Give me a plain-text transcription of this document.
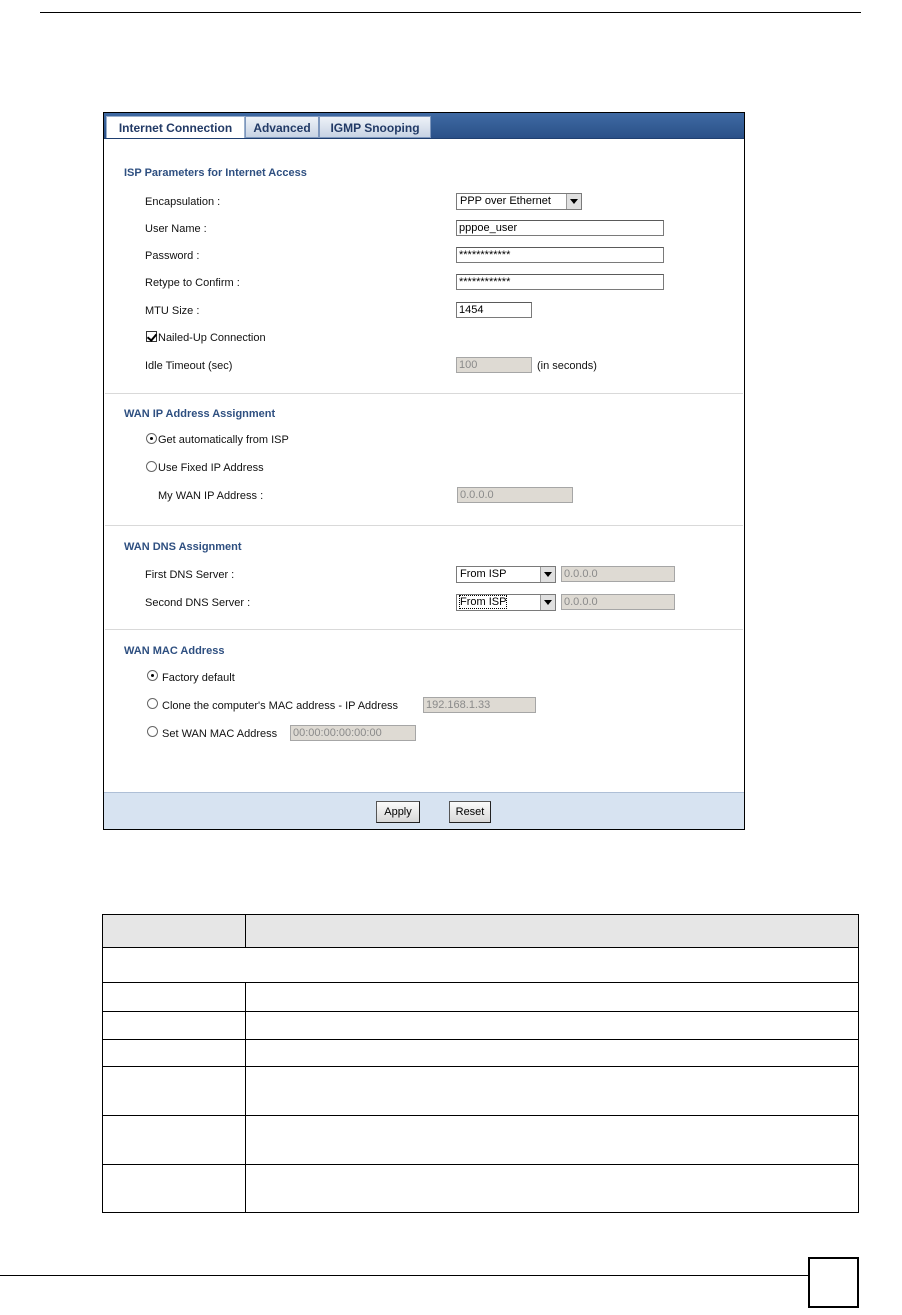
Internet Connection	Advanced	IGMP Snooping
ISP Parameters for Internet Access
Encapsulation :	PPP over Ethernet
User Name :	pppoe_user
Password :	************
Retype to Confirm :	************
MTU Size :	1454
Nailed-Up Connection
Idle Timeout (sec)	100	(in seconds)
WAN IP Address Assignment
Get automatically from ISP
Use Fixed IP Address
My WAN IP Address :	0.0.0.0
WAN DNS Assignment
First DNS Server :	From ISP	0.0.0.0
Second DNS Server :	From ISP	0.0.0.0
WAN MAC Address
Factory default
Clone the computer's MAC address - IP Address	192.168.1.33
Set WAN MAC Address 00:00:00:00:00:00
Apply	Reset
